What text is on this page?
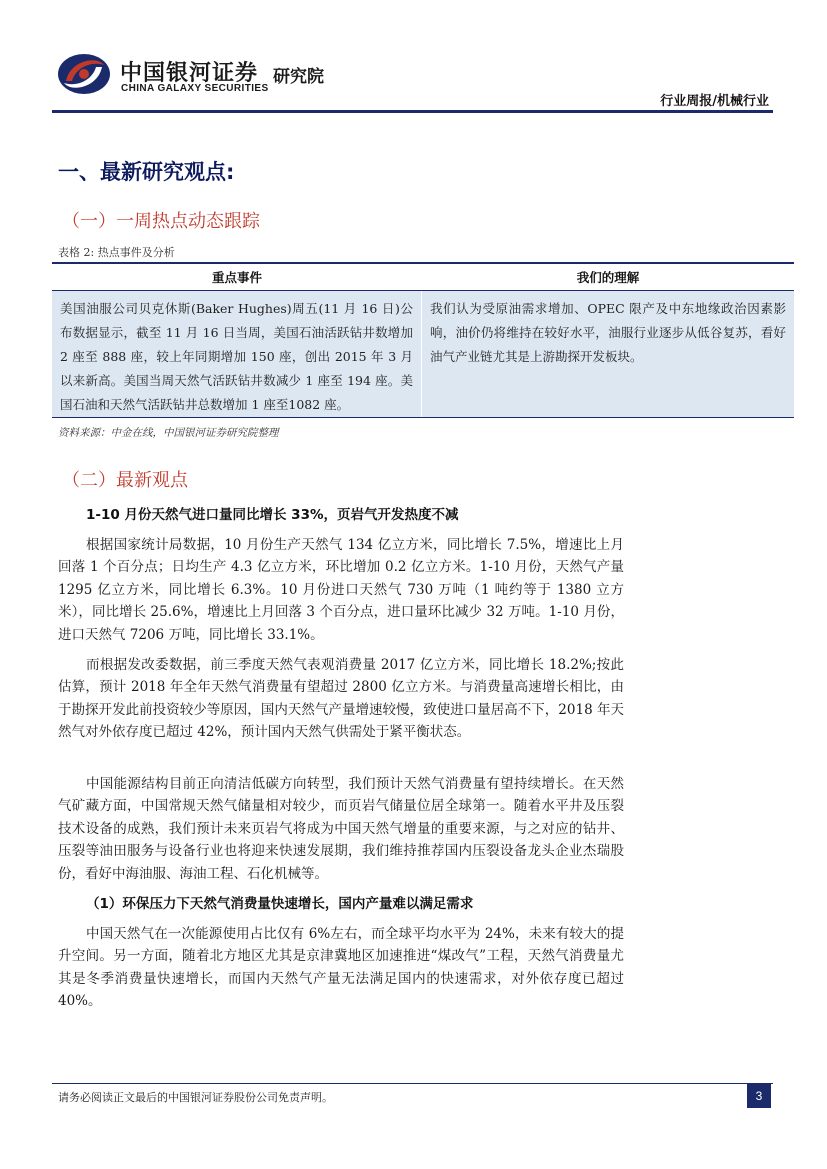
中国银河证券 研究院
CHINA GALAXY SECURITIES
行业周报/机械行业
一、最新研究观点:
（一）一周热点动态跟踪
表格 2: 热点事件及分析
重点事件	我们的理解
美国油服公司贝克休斯(Baker Hughes)周五(11 月 16 日)公布数据显示，截至 11 月 16 日当周，美国石油活跃钻井数增加 2 座至 888 座，较上年同期增加 150 座，创出 2015 年 3 月以来新高。美国当周天然气活跃钻井数减少 1 座至 194 座。美国石油和天然气活跃钻井总数增加 1 座至1082 座。
我们认为受原油需求增加、OPEC 限产及中东地缘政治因素影响，油价仍将维持在较好水平，油服行业逐步从低谷复苏，看好油气产业链尤其是上游勘探开发板块。
资料来源：中金在线，中国银河证券研究院整理
（二）最新观点
1-10 月份天然气进口量同比增长 33%，页岩气开发热度不减
根据国家统计局数据，10 月份生产天然气 134 亿立方米，同比增长 7.5%，增速比上月回落 1 个百分点；日均生产 4.3 亿立方米，环比增加 0.2 亿立方米。1-10 月份，天然气产量 1295 亿立方米，同比增长 6.3%。10 月份进口天然气 730 万吨（1 吨约等于 1380 立方米），同比增长 25.6%，增速比上月回落 3 个百分点，进口量环比减少 32 万吨。1-10 月份，进口天然气 7206 万吨，同比增长 33.1%。
而根据发改委数据，前三季度天然气表观消费量 2017 亿立方米，同比增长 18.2%;按此估算，预计 2018 年全年天然气消费量有望超过 2800 亿立方米。与消费量高速增长相比，由于勘探开发此前投资较少等原因，国内天然气产量增速较慢，致使进口量居高不下，2018 年天然气对外依存度已超过 42%，预计国内天然气供需处于紧平衡状态。
中国能源结构目前正向清洁低碳方向转型，我们预计天然气消费量有望持续增长。在天然气矿藏方面，中国常规天然气储量相对较少，而页岩气储量位居全球第一。随着水平井及压裂技术设备的成熟，我们预计未来页岩气将成为中国天然气增量的重要来源，与之对应的钻井、压裂等油田服务与设备行业也将迎来快速发展期，我们维持推荐国内压裂设备龙头企业杰瑞股份，看好中海油服、海油工程、石化机械等。
（1）环保压力下天然气消费量快速增长，国内产量难以满足需求
中国天然气在一次能源使用占比仅有 6%左右，而全球平均水平为 24%，未来有较大的提升空间。另一方面，随着北方地区尤其是京津冀地区加速推进“煤改气”工程，天然气消费量尤其是冬季消费量快速增长，而国内天然气产量无法满足国内的快速需求，对外依存度已超过 40%。
请务必阅读正文最后的中国银河证券股份公司免责声明。	3
